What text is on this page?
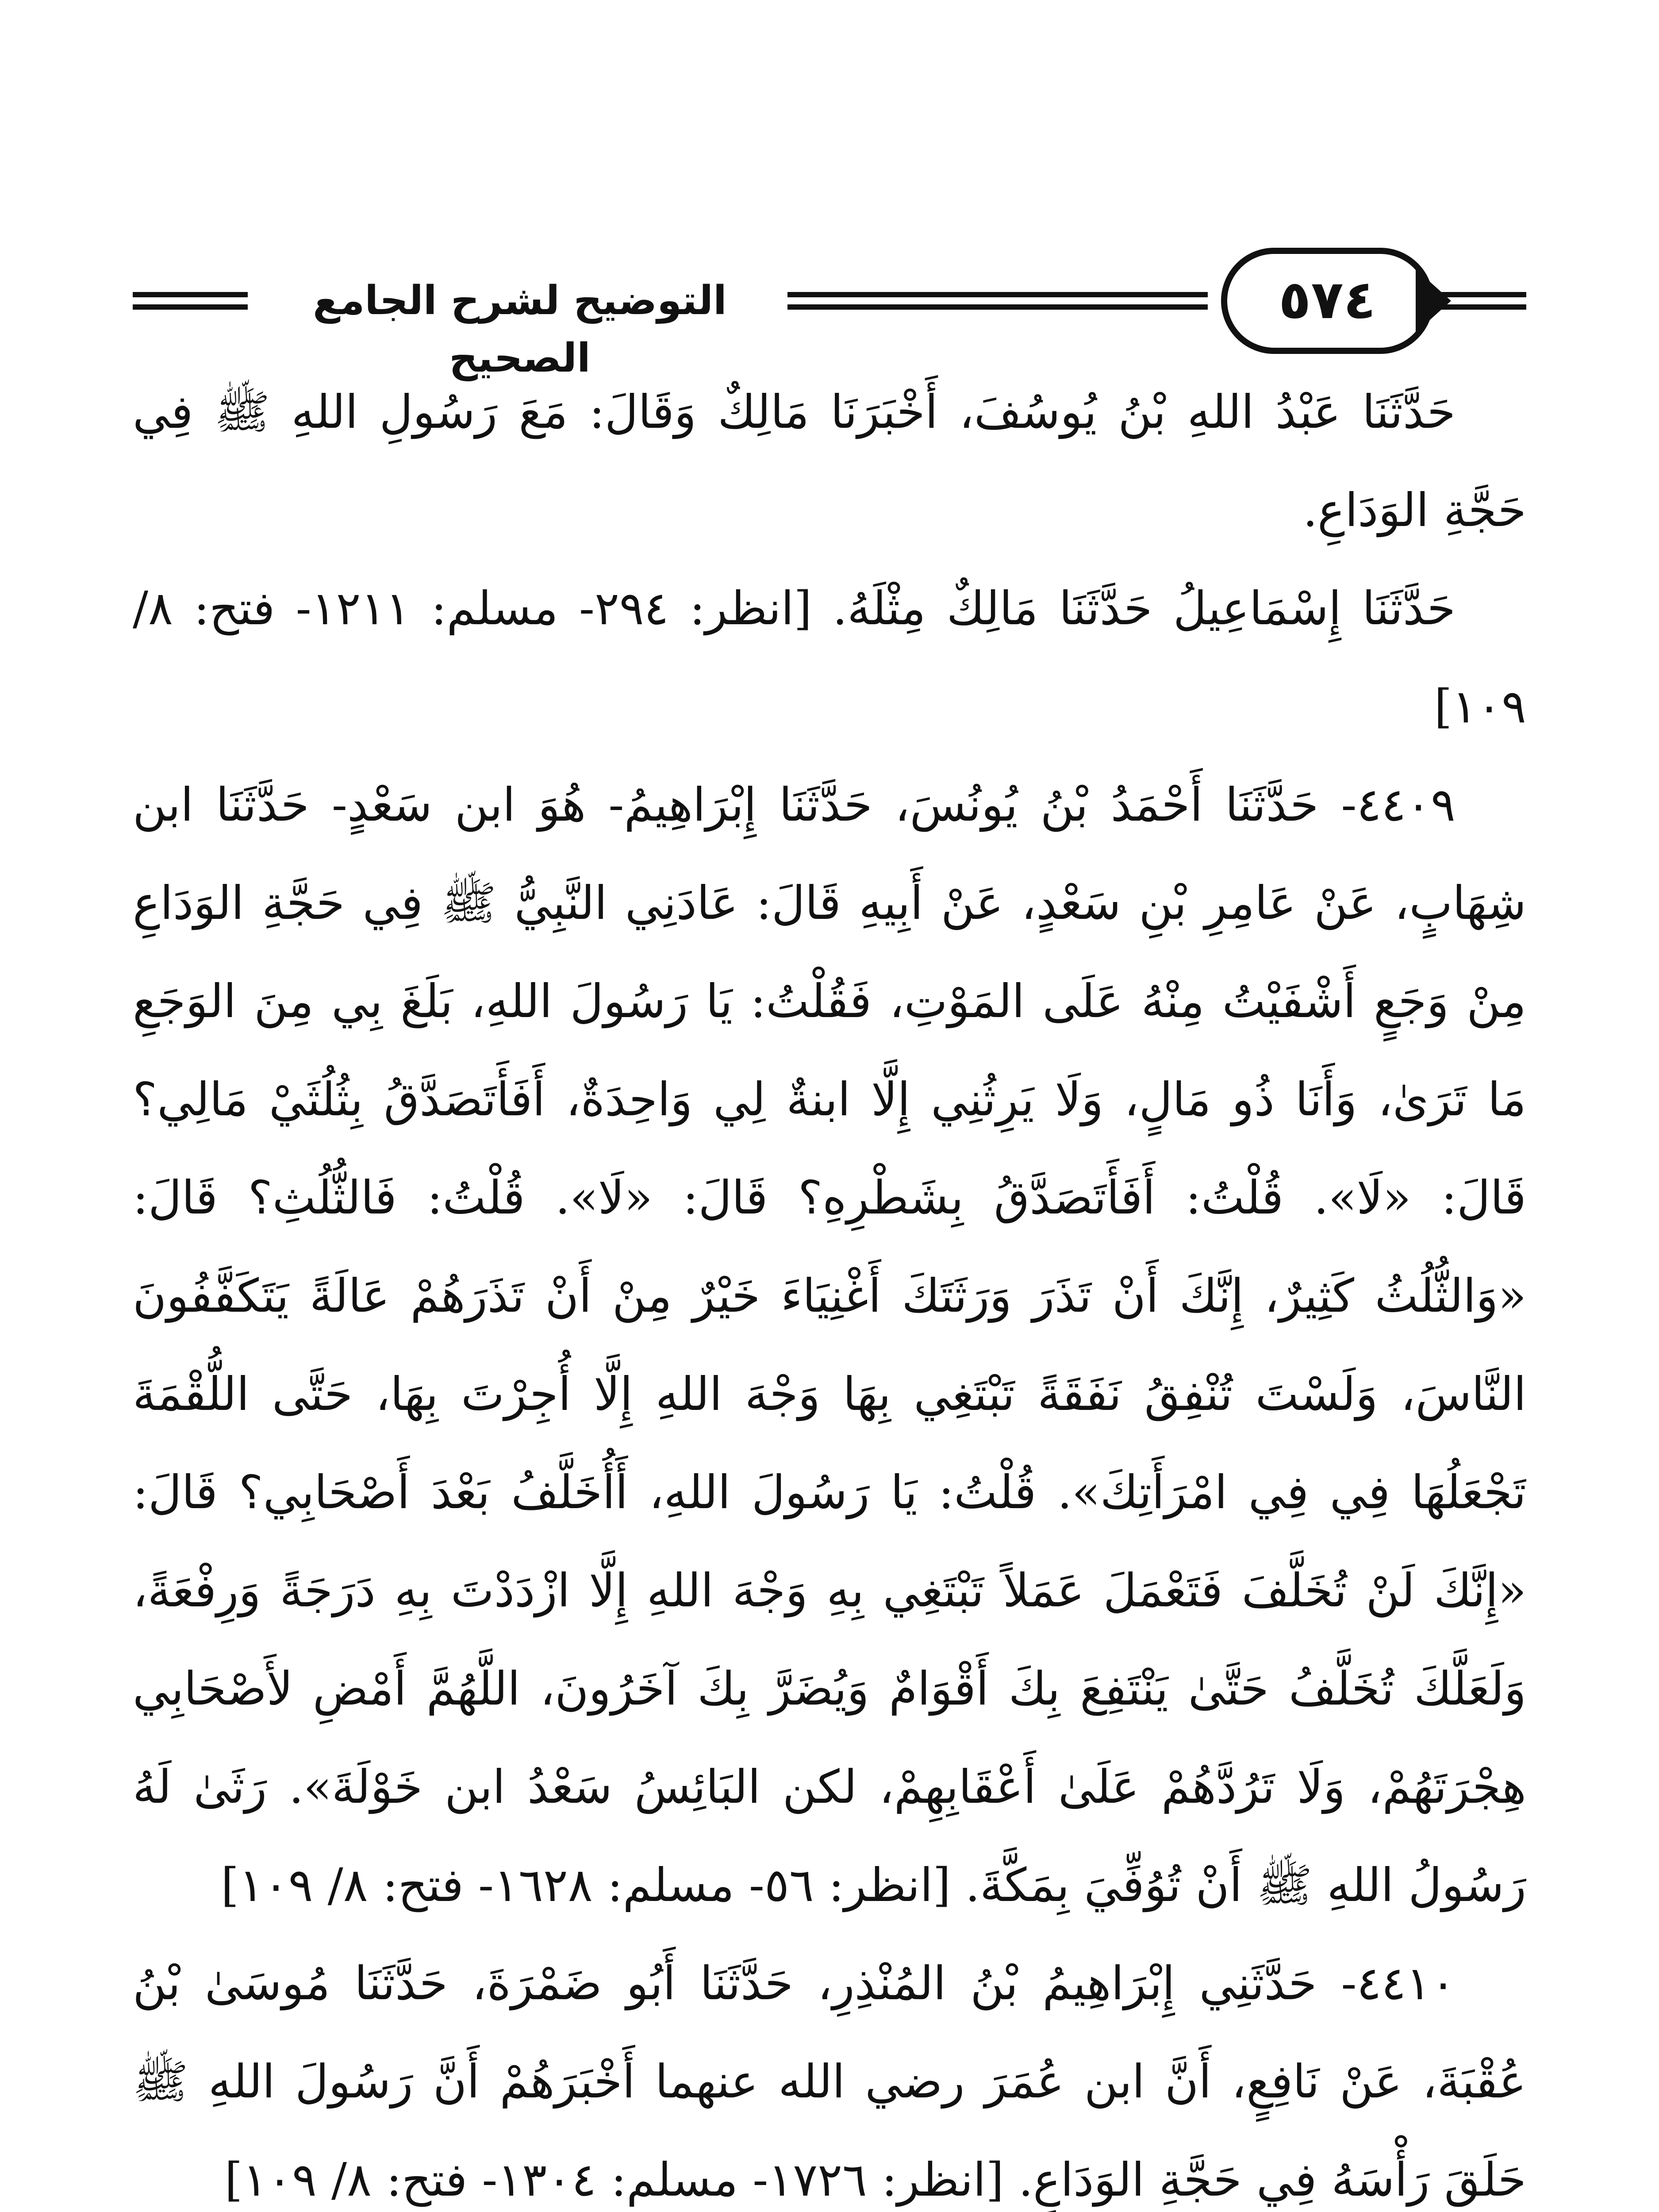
التوضيح لشرح الجامع الصحيح
٥٧٤

حَدَّثَنَا عَبْدُ اللهِ بْنُ يُوسُفَ، أَخْبَرَنَا مَالِكٌ وَقَالَ: مَعَ رَسُولِ اللهِ ﷺ فِي حَجَّةِ الوَدَاعِ.

حَدَّثَنَا إِسْمَاعِيلُ حَدَّثَنَا مَالِكٌ مِثْلَهُ. [انظر: ٢٩٤- مسلم: ١٢١١- فتح: ٨/ ١٠٩]

٤٤٠٩- حَدَّثَنَا أَحْمَدُ بْنُ يُونُسَ، حَدَّثَنَا إِبْرَاهِيمُ- هُوَ ابن سَعْدٍ- حَدَّثَنَا ابن شِهَابٍ، عَنْ عَامِرِ بْنِ سَعْدٍ، عَنْ أَبِيهِ قَالَ: عَادَنِي النَّبِيُّ ﷺ فِي حَجَّةِ الوَدَاعِ مِنْ وَجَعٍ أَشْفَيْتُ مِنْهُ عَلَى المَوْتِ، فَقُلْتُ: يَا رَسُولَ اللهِ، بَلَغَ بِي مِنَ الوَجَعِ مَا تَرَىٰ، وَأَنَا ذُو مَالٍ، وَلَا يَرِثُنِي إِلَّا ابنةٌ لِي وَاحِدَةٌ، أَفَأَتَصَدَّقُ بِثُلُثَيْ مَالِي؟ قَالَ: «لَا». قُلْتُ: أَفَأَتَصَدَّقُ بِشَطْرِهِ؟ قَالَ: «لَا». قُلْتُ: فَالثُّلُثِ؟ قَالَ: «وَالثُّلُثُ كَثِيرٌ، إِنَّكَ أَنْ تَذَرَ وَرَثَتَكَ أَغْنِيَاءَ خَيْرٌ مِنْ أَنْ تَذَرَهُمْ عَالَةً يَتَكَفَّفُونَ النَّاسَ، وَلَسْتَ تُنْفِقُ نَفَقَةً تَبْتَغِي بِهَا وَجْهَ اللهِ إِلَّا أُجِرْتَ بِهَا، حَتَّى اللُّقْمَةَ تَجْعَلُهَا فِي فِي امْرَأَتِكَ». قُلْتُ: يَا رَسُولَ اللهِ، أَأُخَلَّفُ بَعْدَ أَصْحَابِي؟ قَالَ: «إِنَّكَ لَنْ تُخَلَّفَ فَتَعْمَلَ عَمَلاً تَبْتَغِي بِهِ وَجْهَ اللهِ إِلَّا ازْدَدْتَ بِهِ دَرَجَةً وَرِفْعَةً، وَلَعَلَّكَ تُخَلَّفُ حَتَّىٰ يَنْتَفِعَ بِكَ أَقْوَامٌ وَيُضَرَّ بِكَ آخَرُونَ، اللَّهُمَّ أَمْضِ لأَصْحَابِي هِجْرَتَهُمْ، وَلَا تَرُدَّهُمْ عَلَىٰ أَعْقَابِهِمْ، لكن البَائِسُ سَعْدُ ابن خَوْلَةَ». رَثَىٰ لَهُ رَسُولُ اللهِ ﷺ أَنْ تُوُفِّيَ بِمَكَّةَ. [انظر: ٥٦- مسلم: ١٦٢٨- فتح: ٨/ ١٠٩]

٤٤١٠- حَدَّثَنِي إِبْرَاهِيمُ بْنُ المُنْذِرِ، حَدَّثَنَا أَبُو ضَمْرَةَ، حَدَّثَنَا مُوسَىٰ بْنُ عُقْبَةَ، عَنْ نَافِعٍ، أَنَّ ابن عُمَرَ رضي الله عنهما أَخْبَرَهُمْ أَنَّ رَسُولَ اللهِ ﷺ حَلَقَ رَأْسَهُ فِي حَجَّةِ الوَدَاعِ. [انظر: ١٧٢٦- مسلم: ١٣٠٤- فتح: ٨/ ١٠٩]
